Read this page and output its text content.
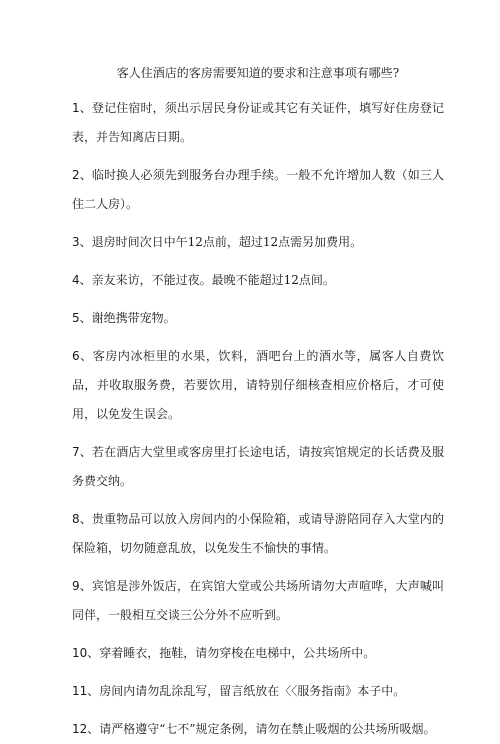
客人住酒店的客房需要知道的要求和注意事项有哪些?
1、登记住宿时，须出示居民身份证或其它有关证件，填写好住房登记表，并告知离店日期。
2、临时换人必须先到服务台办理手续。一般不允许增加人数（如三人住二人房）。
3、退房时间次日中午12点前，超过12点需另加费用。
4、亲友来访，不能过夜。最晚不能超过12点间。
5、谢绝携带宠物。
6、客房内冰柜里的水果，饮料，酒吧台上的酒水等，属客人自费饮品，并收取服务费，若要饮用，请特别仔细核查相应价格后，才可使用，以免发生误会。
7、若在酒店大堂里或客房里打长途电话，请按宾馆规定的长话费及服务费交纳。
8、贵重物品可以放入房间内的小保险箱，或请导游陪同存入大堂内的保险箱，切勿随意乱放，以免发生不愉快的事情。
9、宾馆是涉外饭店，在宾馆大堂或公共场所请勿大声喧哗，大声喊叫同伴，一般相互交谈三公分外不应听到。
10、穿着睡衣，拖鞋，请勿穿梭在电梯中，公共场所中。
11、房间内请勿乱涂乱写，留言纸放在〈〈服务指南》本子中。
12、请严格遵守“七不”规定条例，请勿在禁止吸烟的公共场所吸烟。
